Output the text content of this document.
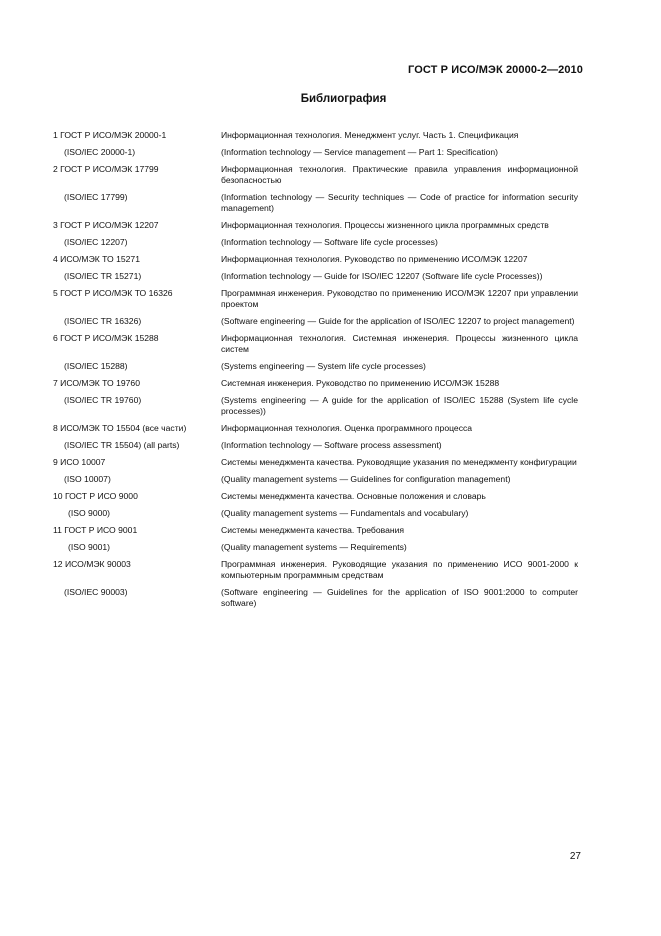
ГОСТ Р ИСО/МЭК 20000-2—2010
Библиография
1 ГОСТ Р ИСО/МЭК 20000-1	Информационная технология. Менеджмент услуг. Часть 1. Спецификация
(ISO/IEC 20000-1)	(Information technology — Service management — Part 1: Specification)
2 ГОСТ Р ИСО/МЭК 17799	Информационная технология. Практические правила управления информационной безопасностью
(ISO/IEC 17799)	(Information technology — Security techniques — Code of practice for information security management)
3 ГОСТ Р ИСО/МЭК 12207	Информационная технология. Процессы жизненного цикла программных средств
(ISO/IEC 12207)	(Information technology — Software life cycle processes)
4 ИСО/МЭК ТО 15271	Информационная технология. Руководство по применению ИСО/МЭК 12207
(ISO/IEC TR 15271)	(Information technology — Guide for ISO/IEC 12207 (Software life cycle Processes))
5 ГОСТ Р ИСО/МЭК ТО 16326	Программная инженерия. Руководство по применению ИСО/МЭК 12207 при управлении проектом
(ISO/IEC TR 16326)	(Software engineering — Guide for the application of ISO/IEC 12207 to project management)
6 ГОСТ Р ИСО/МЭК 15288	Информационная технология. Системная инженерия. Процессы жизненного цикла систем
(ISO/IEC 15288)	(Systems engineering — System life cycle processes)
7 ИСО/МЭК ТО 19760	Системная инженерия. Руководство по применению ИСО/МЭК 15288
(ISO/IEC TR 19760)	(Systems engineering — A guide for the application of ISO/IEC 15288 (System life cycle processes))
8 ИСО/МЭК ТО 15504 (все части)	Информационная технология. Оценка программного процесса
(ISO/IEC TR 15504) (all parts)	(Information technology — Software process assessment)
9 ИСО 10007	Системы менеджмента качества. Руководящие указания по менеджменту конфигурации
(ISO 10007)	(Quality management systems — Guidelines for configuration management)
10 ГОСТ Р ИСО 9000	Системы менеджмента качества. Основные положения и словарь
(ISO 9000)	(Quality management systems — Fundamentals and vocabulary)
11 ГОСТ Р ИСО 9001	Системы менеджмента качества. Требования
(ISO 9001)	(Quality management systems — Requirements)
12 ИСО/МЭК 90003	Программная инженерия. Руководящие указания по применению ИСО 9001-2000 к компьютерным программным средствам
(ISO/IEC 90003)	(Software engineering — Guidelines for the application of ISO 9001:2000 to computer software)
27
